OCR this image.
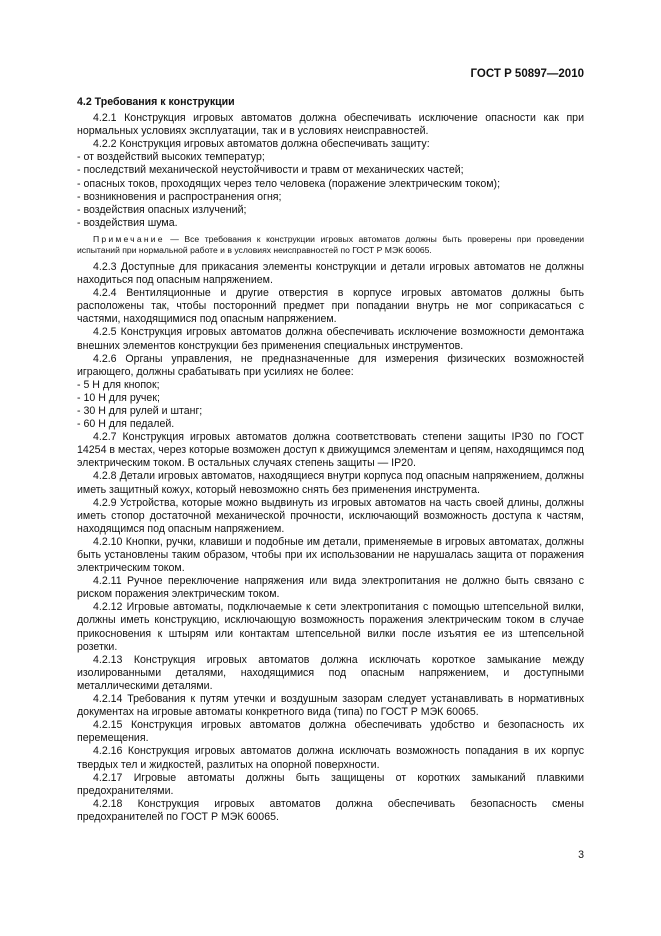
ГОСТ Р 50897—2010
4.2 Требования к конструкции

4.2.1 Конструкция игровых автоматов должна обеспечивать исключение опасности как при нормальных условиях эксплуатации, так и в условиях неисправностей.

4.2.2 Конструкция игровых автоматов должна обеспечивать защиту:

- от воздействий высоких температур;
- последствий механической неустойчивости и травм от механических частей;
- опасных токов, проходящих через тело человека (поражение электрическим током);
- возникновения и распространения огня;
- воздействия опасных излучений;
- воздействия шума.

Примечание — Все требования к конструкции игровых автоматов должны быть проверены при проведении испытаний при нормальной работе и в условиях неисправностей по ГОСТ Р МЭК 60065.

4.2.3 Доступные для прикасания элементы конструкции и детали игровых автоматов не должны находиться под опасным напряжением.

4.2.4 Вентиляционные и другие отверстия в корпусе игровых автоматов должны быть расположены так, чтобы посторонний предмет при попадании внутрь не мог соприкасаться с частями, находящимися под опасным напряжением.

4.2.5 Конструкция игровых автоматов должна обеспечивать исключение возможности демонтажа внешних элементов конструкции без применения специальных инструментов.

4.2.6 Органы управления, не предназначенные для измерения физических возможностей играющего, должны срабатывать при усилиях не более:

- 5 Н для кнопок;
- 10 Н для ручек;
- 30 Н для рулей и штанг;
- 60 Н для педалей.

4.2.7 Конструкция игровых автоматов должна соответствовать степени защиты IP30 по ГОСТ 14254 в местах, через которые возможен доступ к движущимся элементам и цепям, находящимся под электрическим током. В остальных случаях степень защиты — IP20.

4.2.8 Детали игровых автоматов, находящиеся внутри корпуса под опасным напряжением, должны иметь защитный кожух, который невозможно снять без применения инструмента.

4.2.9 Устройства, которые можно выдвинуть из игровых автоматов на часть своей длины, должны иметь стопор достаточной механической прочности, исключающий возможность доступа к частям, находящимся под опасным напряжением.

4.2.10 Кнопки, ручки, клавиши и подобные им детали, применяемые в игровых автоматах, должны быть установлены таким образом, чтобы при их использовании не нарушалась защита от поражения электрическим током.

4.2.11 Ручное переключение напряжения или вида электропитания не должно быть связано с риском поражения электрическим током.

4.2.12 Игровые автоматы, подключаемые к сети электропитания с помощью штепсельной вилки, должны иметь конструкцию, исключающую возможность поражения электрическим током в случае прикосновения к штырям или контактам штепсельной вилки после изъятия ее из штепсельной розетки.

4.2.13 Конструкция игровых автоматов должна исключать короткое замыкание между изолированными деталями, находящимися под опасным напряжением, и доступными металлическими деталями.

4.2.14 Требования к путям утечки и воздушным зазорам следует устанавливать в нормативных документах на игровые автоматы конкретного вида (типа) по ГОСТ Р МЭК 60065.

4.2.15 Конструкция игровых автоматов должна обеспечивать удобство и безопасность их перемещения.

4.2.16 Конструкция игровых автоматов должна исключать возможность попадания в их корпус твердых тел и жидкостей, разлитых на опорной поверхности.

4.2.17 Игровые автоматы должны быть защищены от коротких замыканий плавкими предохранителями.

4.2.18 Конструкция игровых автоматов должна обеспечивать безопасность смены предохранителей по ГОСТ Р МЭК 60065.

3
